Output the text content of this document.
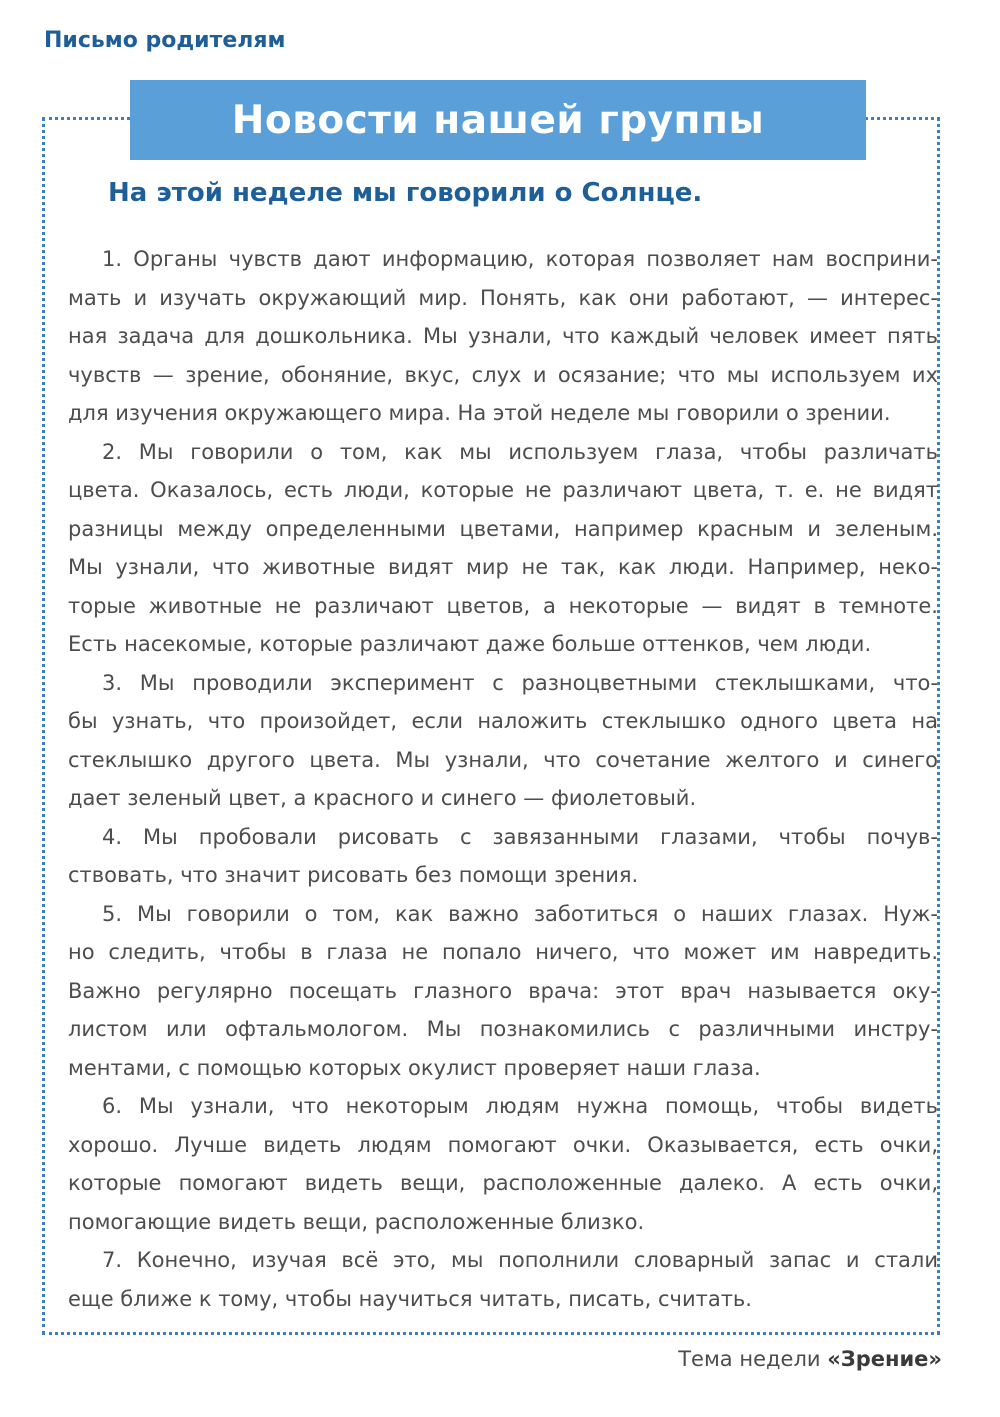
Письмо родителям
Новости нашей группы
На этой неделе мы говорили о Солнце.
1. Органы чувств дают информацию, которая позволяет нам восприни-
мать и изучать окружающий мир. Понять, как они работают, — интерес-
ная задача для дошкольника. Мы узнали, что каждый человек имеет пять
чувств — зрение, обоняние, вкус, слух и осязание; что мы используем их
для изучения окружающего мира. На этой неделе мы говорили о зрении.
2. Мы говорили о том, как мы используем глаза, чтобы различать
цвета. Оказалось, есть люди, которые не различают цвета, т. е. не видят
разницы между определенными цветами, например красным и зеленым.
Мы узнали, что животные видят мир не так, как люди. Например, неко-
торые животные не различают цветов, а некоторые — видят в темноте.
Есть насекомые, которые различают даже больше оттенков, чем люди.
3. Мы проводили эксперимент с разноцветными стеклышками, что-
бы узнать, что произойдет, если наложить стеклышко одного цвета на
стеклышко другого цвета. Мы узнали, что сочетание желтого и синего
дает зеленый цвет, а красного и синего — фиолетовый.
4. Мы пробовали рисовать с завязанными глазами, чтобы почув-
ствовать, что значит рисовать без помощи зрения.
5. Мы говорили о том, как важно заботиться о наших глазах. Нуж-
но следить, чтобы в глаза не попало ничего, что может им навредить.
Важно регулярно посещать глазного врача: этот врач называется оку-
листом или офтальмологом. Мы познакомились с различными инстру-
ментами, с помощью которых окулист проверяет наши глаза.
6. Мы узнали, что некоторым людям нужна помощь, чтобы видеть
хорошо. Лучше видеть людям помогают очки. Оказывается, есть очки,
которые помогают видеть вещи, расположенные далеко. А есть очки,
помогающие видеть вещи, расположенные близко.
7. Конечно, изучая всё это, мы пополнили словарный запас и стали
еще ближе к тому, чтобы научиться читать, писать, считать.
Тема недели «Зрение»
